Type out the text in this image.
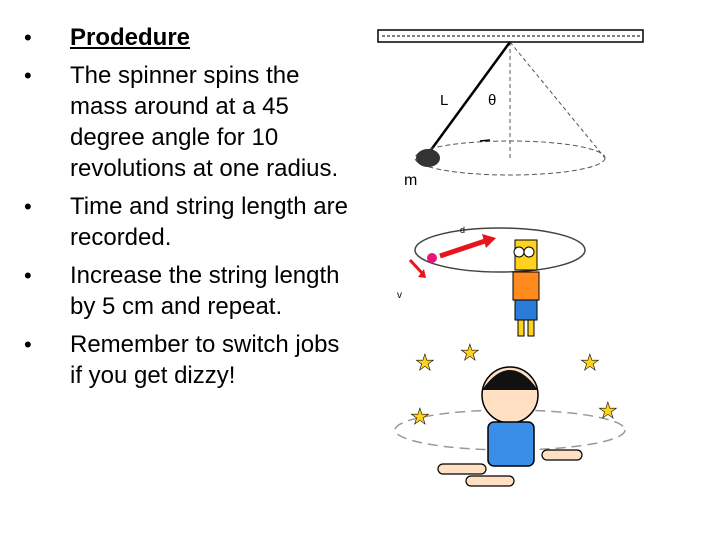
• Prodedure
• The spinner spins the mass around at a 45 degree angle for 10 revolutions at one radius.
• Time and string length are recorded.
• Increase the string length by 5 cm and repeat.
• Remember to switch jobs if you get dizzy!
L	θ
m
d
v
★ ★	★
★
★
